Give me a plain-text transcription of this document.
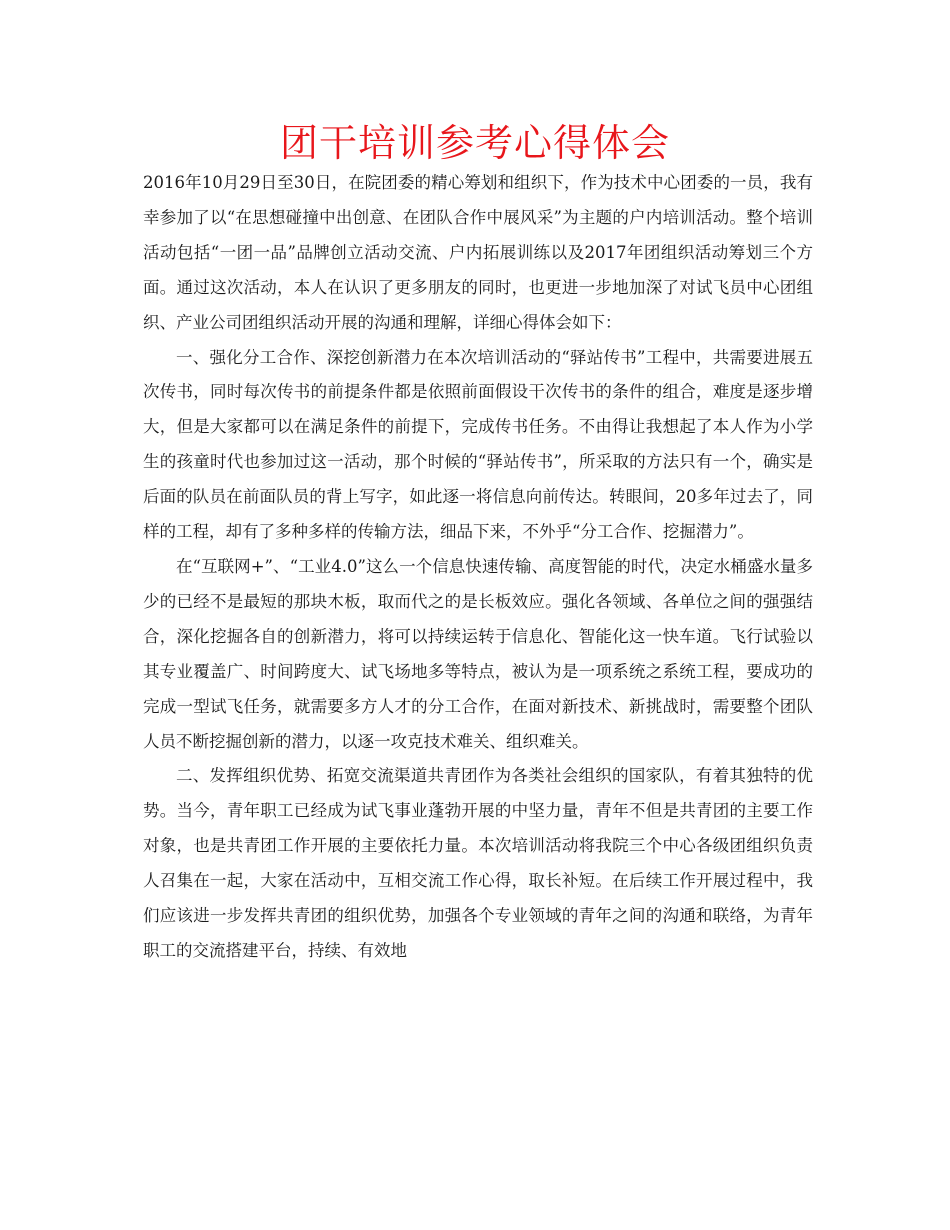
团干培训参考心得体会

2016年10月29日至30日，在院团委的精心筹划和组织下，作为技术中心团委的一员，我有幸参加了以“在思想碰撞中出创意、在团队合作中展风采”为主题的户内培训活动。整个培训活动包括“一团一品”品牌创立活动交流、户内拓展训练以及2017年团组织活动筹划三个方面。通过这次活动，本人在认识了更多朋友的同时，也更进一步地加深了对试飞员中心团组织、产业公司团组织活动开展的沟通和理解，详细心得体会如下：

一、强化分工合作、深挖创新潜力在本次培训活动的“驿站传书”工程中，共需要进展五次传书，同时每次传书的前提条件都是依照前面假设干次传书的条件的组合，难度是逐步增大，但是大家都可以在满足条件的前提下，完成传书任务。不由得让我想起了本人作为小学生的孩童时代也参加过这一活动，那个时候的“驿站传书”，所采取的方法只有一个，确实是后面的队员在前面队员的背上写字，如此逐一将信息向前传达。转眼间，20多年过去了，同样的工程，却有了多种多样的传输方法，细品下来，不外乎“分工合作、挖掘潜力”。

在“互联网+”、“工业4.0”这么一个信息快速传输、高度智能的时代，决定水桶盛水量多少的已经不是最短的那块木板，取而代之的是长板效应。强化各领域、各单位之间的强强结合，深化挖掘各自的创新潜力，将可以持续运转于信息化、智能化这一快车道。飞行试验以其专业覆盖广、时间跨度大、试飞场地多等特点，被认为是一项系统之系统工程，要成功的完成一型试飞任务，就需要多方人才的分工合作，在面对新技术、新挑战时，需要整个团队人员不断挖掘创新的潜力，以逐一攻克技术难关、组织难关。

二、发挥组织优势、拓宽交流渠道共青团作为各类社会组织的国家队，有着其独特的优势。当今，青年职工已经成为试飞事业蓬勃开展的中坚力量，青年不但是共青团的主要工作对象，也是共青团工作开展的主要依托力量。本次培训活动将我院三个中心各级团组织负责人召集在一起，大家在活动中，互相交流工作心得，取长补短。在后续工作开展过程中，我们应该进一步发挥共青团的组织优势，加强各个专业领域的青年之间的沟通和联络，为青年职工的交流搭建平台，持续、有效地
